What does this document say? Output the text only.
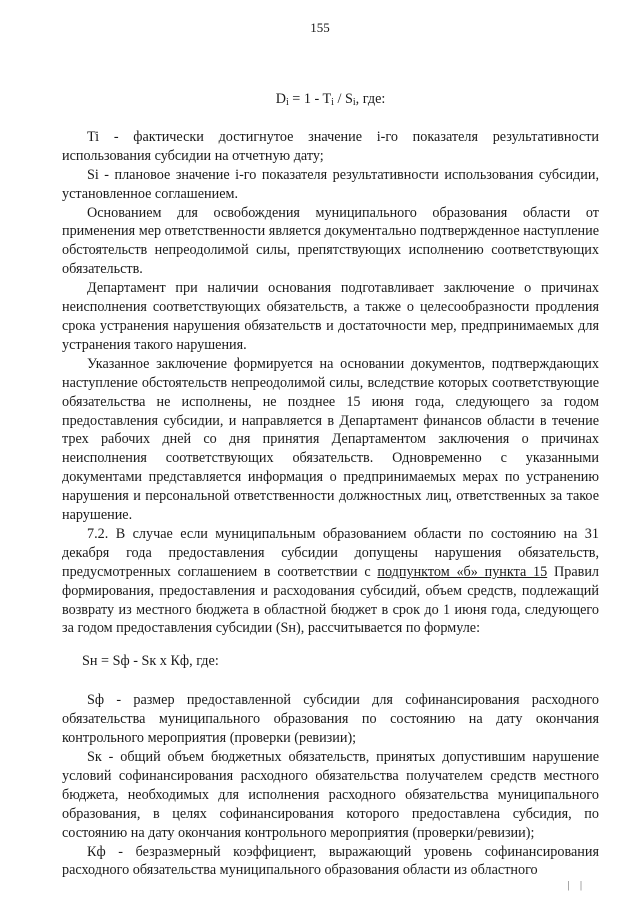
155
$D_i = 1 - T_i / S_i$, где:

Ti - фактически достигнутое значение i-го показателя результативности использования субсидии на отчетную дату;

Si - плановое значение i-го показателя результативности использования субсидии, установленное соглашением.

Основанием для освобождения муниципального образования области от применения мер ответственности является документально подтвержденное наступление обстоятельств непреодолимой силы, препятствующих исполнению соответствующих обязательств.

Департамент при наличии основания подготавливает заключение о причинах неисполнения соответствующих обязательств, а также о целесообразности продления срока устранения нарушения обязательств и достаточности мер, предпринимаемых для устранения такого нарушения.

Указанное заключение формируется на основании документов, подтверждающих наступление обстоятельств непреодолимой силы, вследствие которых соответствующие обязательства не исполнены, не позднее 15 июня года, следующего за годом предоставления субсидии, и направляется в Департамент финансов области в течение трех рабочих дней со дня принятия Департаментом заключения о причинах неисполнения соответствующих обязательств. Одновременно с указанными документами представляется информация о предпринимаемых мерах по устранению нарушения и персональной ответственности должностных лиц, ответственных за такое нарушение.

7.2. В случае если муниципальным образованием области по состоянию на 31 декабря года предоставления субсидии допущены нарушения обязательств, предусмотренных соглашением в соответствии с подпунктом «б» пункта 15 Правил формирования, предоставления и расходования субсидий, объем средств, подлежащий возврату из местного бюджета в областной бюджет в срок до 1 июня года, следующего за годом предоставления субсидии (Sн), рассчитывается по формуле:

Sн = Sф - Sк х Кф, где:

Sф - размер предоставленной субсидии для софинансирования расходного обязательства муниципального образования по состоянию на дату окончания контрольного мероприятия (проверки (ревизии);

Sк - общий объем бюджетных обязательств, принятых допустившим нарушение условий софинансирования расходного обязательства получателем средств местного бюджета, необходимых для исполнения расходного обязательства муниципального образования, в целях софинансирования которого предоставлена субсидия, по состоянию на дату окончания контрольного мероприятия (проверки/ревизии);

Кф - безразмерный коэффициент, выражающий уровень софинансирования расходного обязательства муниципального образования области из областного

| |
